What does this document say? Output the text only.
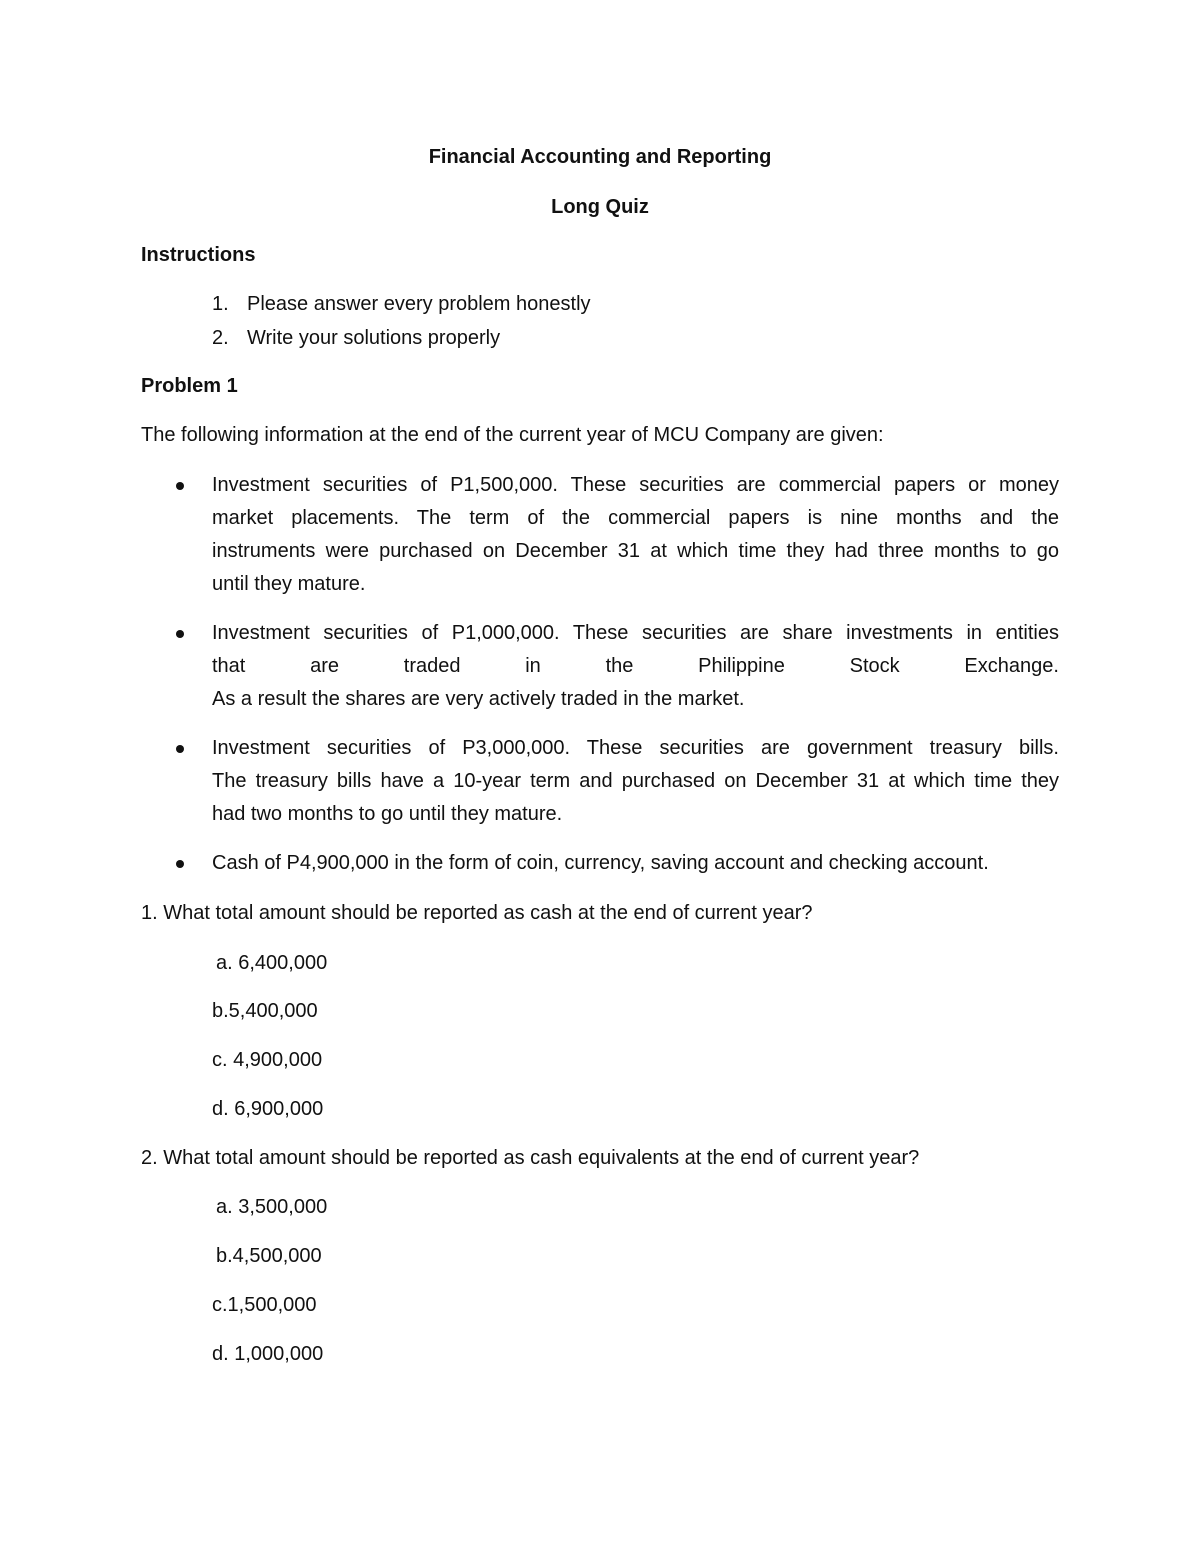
Financial Accounting and Reporting
Long Quiz
Instructions
1. Please answer every problem honestly
2. Write your solutions properly
Problem 1
The following information at the end of the current year of MCU Company are given:
Investment securities of P1,500,000. These securities are commercial papers or money
market placements. The term of the commercial papers is nine months and the
instruments were purchased on December 31 at which time they had three months to go
until they mature.
Investment securities of P1,000,000. These securities are share investments in entities
that	are	traded	in	the	Philippine	Stock	Exchange.
As a result the shares are very actively traded in the market.
Investment securities of P3,000,000. These securities are government treasury bills.
The treasury bills have a 10-year term and purchased on December 31 at which time they
had two months to go until they mature.
Cash of P4,900,000 in the form of coin, currency, saving account and checking account.
1. What total amount should be reported as cash at the end of current year?
a. 6,400,000
b.5,400,000
c. 4,900,000
d. 6,900,000
2. What total amount should be reported as cash equivalents at the end of current year?
a. 3,500,000
b.4,500,000
c.1,500,000
d. 1,000,000
